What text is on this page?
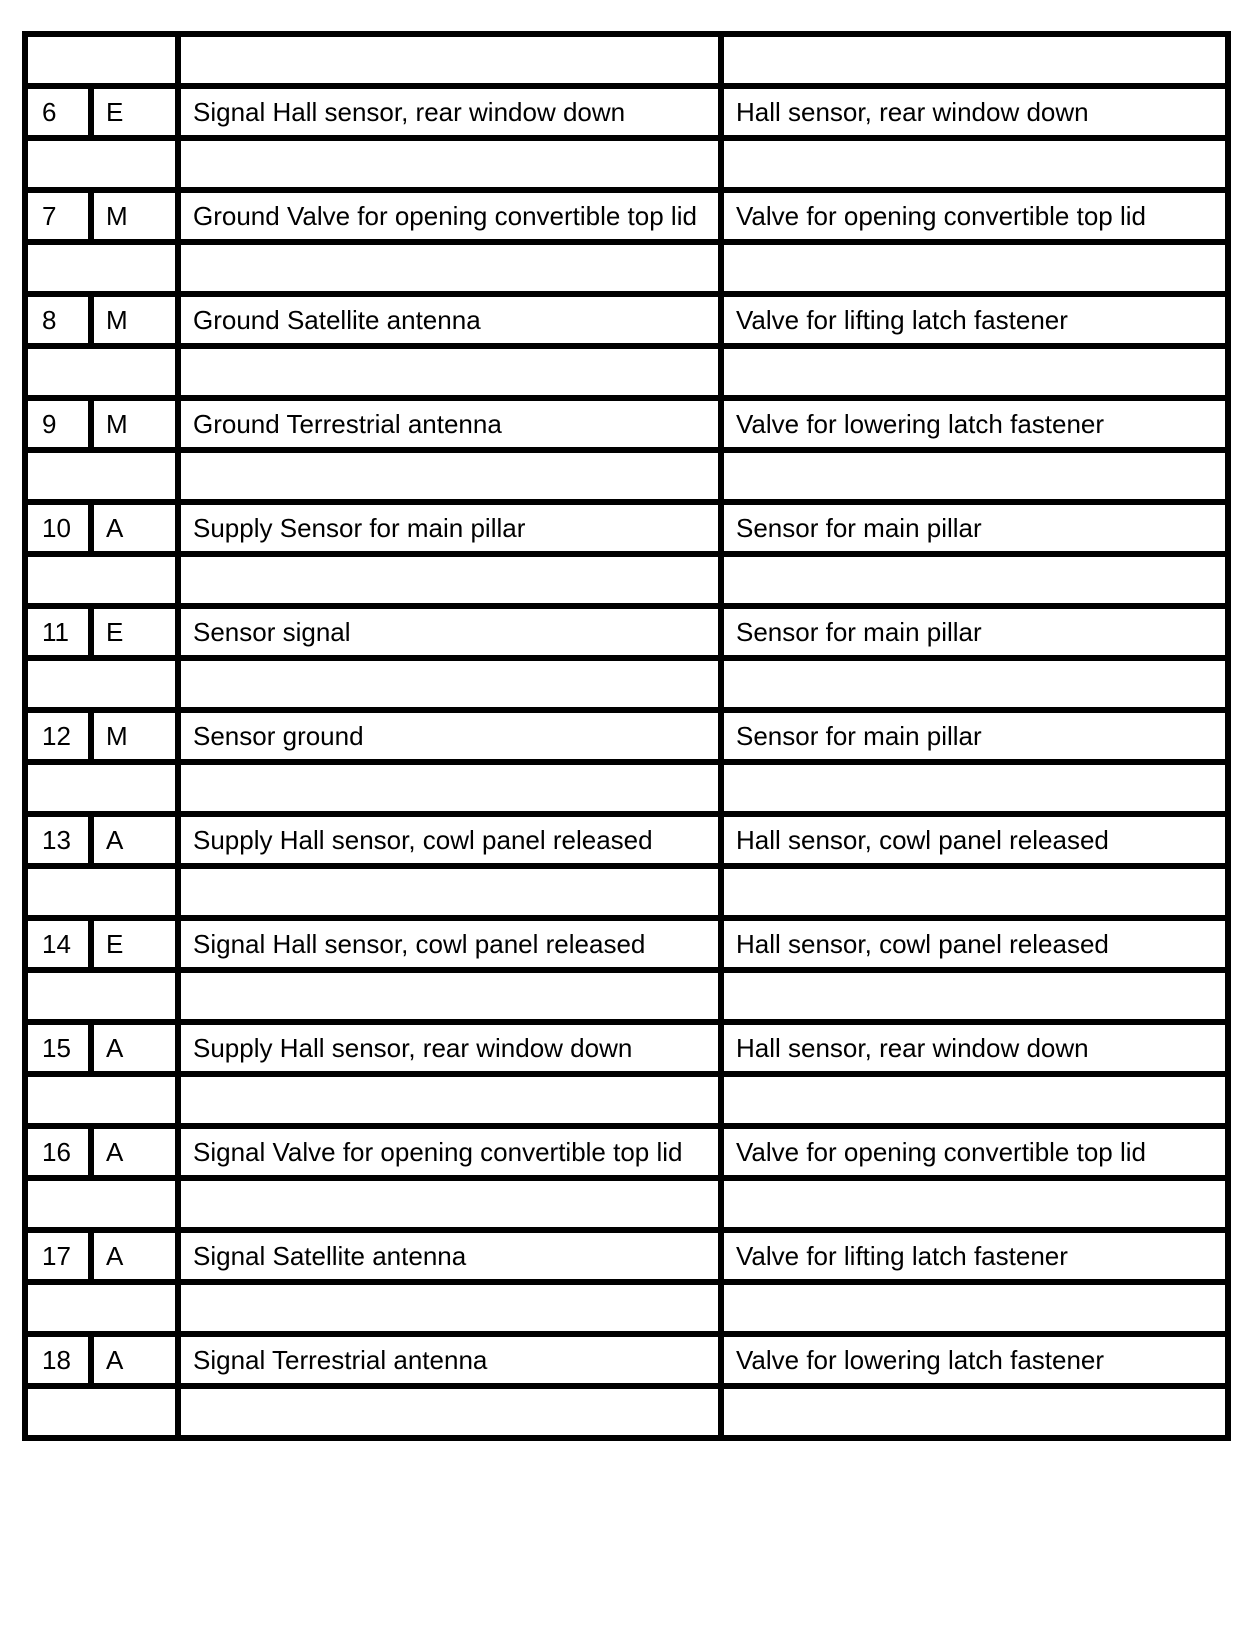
6	E	Signal Hall sensor, rear window down	Hall sensor, rear window down

7	M	Ground Valve for opening convertible top lid	Valve for opening convertible top lid

8	M	Ground Satellite antenna	Valve for lifting latch fastener

9	M	Ground Terrestrial antenna	Valve for lowering latch fastener

10	A	Supply Sensor for main pillar	Sensor for main pillar

11	E	Sensor signal	Sensor for main pillar

12	M	Sensor ground	Sensor for main pillar

13	A	Supply Hall sensor, cowl panel released	Hall sensor, cowl panel released

14	E	Signal Hall sensor, cowl panel released	Hall sensor, cowl panel released

15	A	Supply Hall sensor, rear window down	Hall sensor, rear window down

16	A	Signal Valve for opening convertible top lid	Valve for opening convertible top lid

17	A	Signal Satellite antenna	Valve for lifting latch fastener

18	A	Signal Terrestrial antenna	Valve for lowering latch fastener
